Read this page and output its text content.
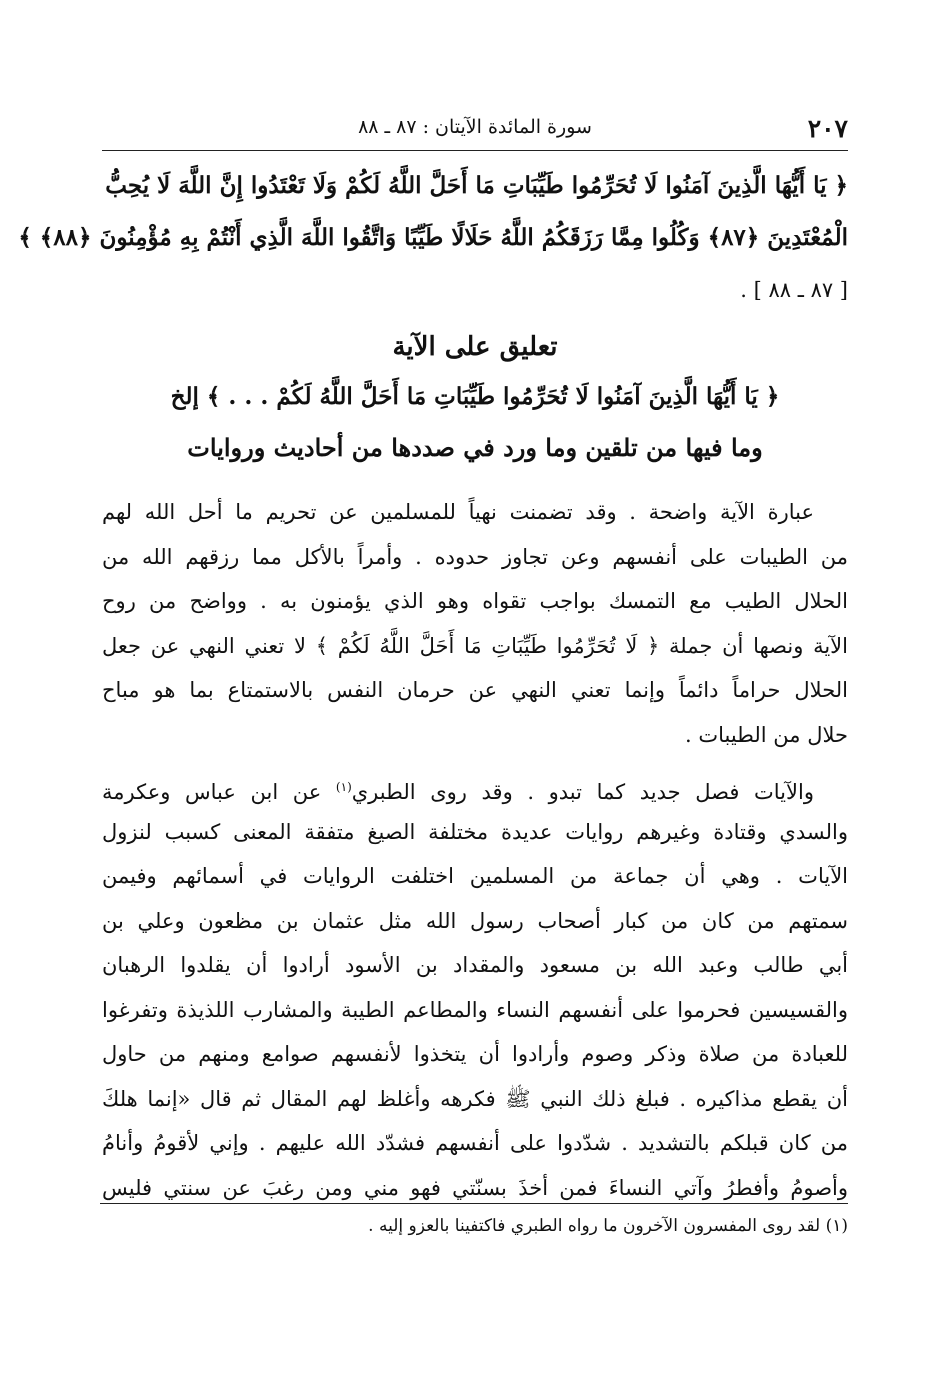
٢٠٧
سورة المائدة الآيتان : ٨٧ ـ ٨٨
﴿ يَا أَيُّهَا الَّذِينَ آمَنُوا لَا تُحَرِّمُوا طَيِّبَاتِ مَا أَحَلَّ اللَّهُ لَكُمْ وَلَا تَعْتَدُوا إِنَّ اللَّهَ لَا يُحِبُّ
الْمُعْتَدِينَ ﴿٨٧﴾ وَكُلُوا مِمَّا رَزَقَكُمُ اللَّهُ حَلَالًا طَيِّبًا وَاتَّقُوا اللَّهَ الَّذِي أَنْتُمْ بِهِ مُؤْمِنُونَ ﴿٨٨﴾ ﴾
[ ٨٧ ـ ٨٨ ] .
تعليق على الآية
﴿ يَا أَيُّهَا الَّذِينَ آمَنُوا لَا تُحَرِّمُوا طَيِّبَاتِ مَا أَحَلَّ اللَّهُ لَكُمْ . . . ﴾ إلخ
وما فيها من تلقين وما ورد في صددها من أحاديث وروايات
عبارة الآية واضحة . وقد تضمنت نهياً للمسلمين عن تحريم ما أحل الله لهم
من الطيبات على أنفسهم وعن تجاوز حدوده . وأمراً بالأكل مما رزقهم الله من
الحلال الطيب مع التمسك بواجب تقواه وهو الذي يؤمنون به . وواضح من روح
الآية ونصها أن جملة ﴿ لَا تُحَرِّمُوا طَيِّبَاتِ مَا أَحَلَّ اللَّهُ لَكُمْ ﴾ لا تعني النهي عن جعل
الحلال حراماً دائماً وإنما تعني النهي عن حرمان النفس بالاستمتاع بما هو مباح
حلال من الطيبات .
والآيات فصل جديد كما تبدو . وقد روى الطبري$^{(١)}$ عن ابن عباس وعكرمة
والسدي وقتادة وغيرهم روايات عديدة مختلفة الصيغ متفقة المعنى كسبب لنزول
الآيات . وهي أن جماعة من المسلمين اختلفت الروايات في أسمائهم وفيمن
سمتهم من كان من كبار أصحاب رسول الله مثل عثمان بن مظعون وعلي بن
أبي طالب وعبد الله بن مسعود والمقداد بن الأسود أرادوا أن يقلدوا الرهبان
والقسيسين فحرموا على أنفسهم النساء والمطاعم الطيبة والمشارب اللذيذة وتفرغوا
للعبادة من صلاة وذكر وصوم وأرادوا أن يتخذوا لأنفسهم صوامع ومنهم من حاول
أن يقطع مذاكيره . فبلغ ذلك النبي ﷺ فكرهه وأغلظ لهم المقال ثم قال «إنما هلكَ
من كان قبلكم بالتشديد . شدّدوا على أنفسهم فشدّد الله عليهم . وإني لأقومُ وأنامُ
وأصومُ وأفطرُ وآتي النساءَ فمن أخذَ بسنّتي فهو مني ومن رغبَ عن سنتي فليس
(١) لقد روى المفسرون الآخرون ما رواه الطبري فاكتفينا بالعزو إليه .
